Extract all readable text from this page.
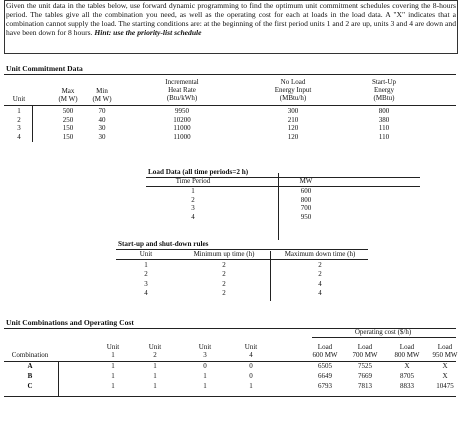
Given the unit data in the tables below, use forward dynamic programming to find the optimum unit commitment schedules covering the 8-hours period. The tables give all the combination you need, as well as the operating cost for each at loads in the load data. A "X" indicates that a combination cannot supply the load. The starting conditions are: at the beginning of the first period units 1 and 2 are up, units 3 and 4 are down and have been down for 8 hours. Hint: use the priority-list schedule
Unit Commitment Data
Unit
Max
(M W)
Min
(M W)
Incremental
Heat Rate
(Btu/kWh)
No Load
Energy Input
(MBtu/h)
Start-Up
Energy
(MBtu)
1	500	70	9950	300	800
2	250	40	10200	210	380
3	150	30	11000	120	110
4	150	30	11000	120	110
Load Data (all time periods=2 h)
Time Period	MW
1	600
2	800
3	700
4	950
Start-up and shut-down rules
Unit	Minimum up time (h)	Maximum down time (h)
1	2	2
2	2	2
3	2	4
4	2	4
Unit Combinations and Operating Cost
Operating cost ($/h)
Combination
Unit
1
Unit
2
Unit
3
Unit
4
Load
600 MW
Load
700 MW
Load
800 MW
Load
950 MW
A	1	1	0	0	6505	7525	X	X
B	1	1	1	0	6649	7669	8705	X
C	1	1	1	1	6793	7813	8833	10475
